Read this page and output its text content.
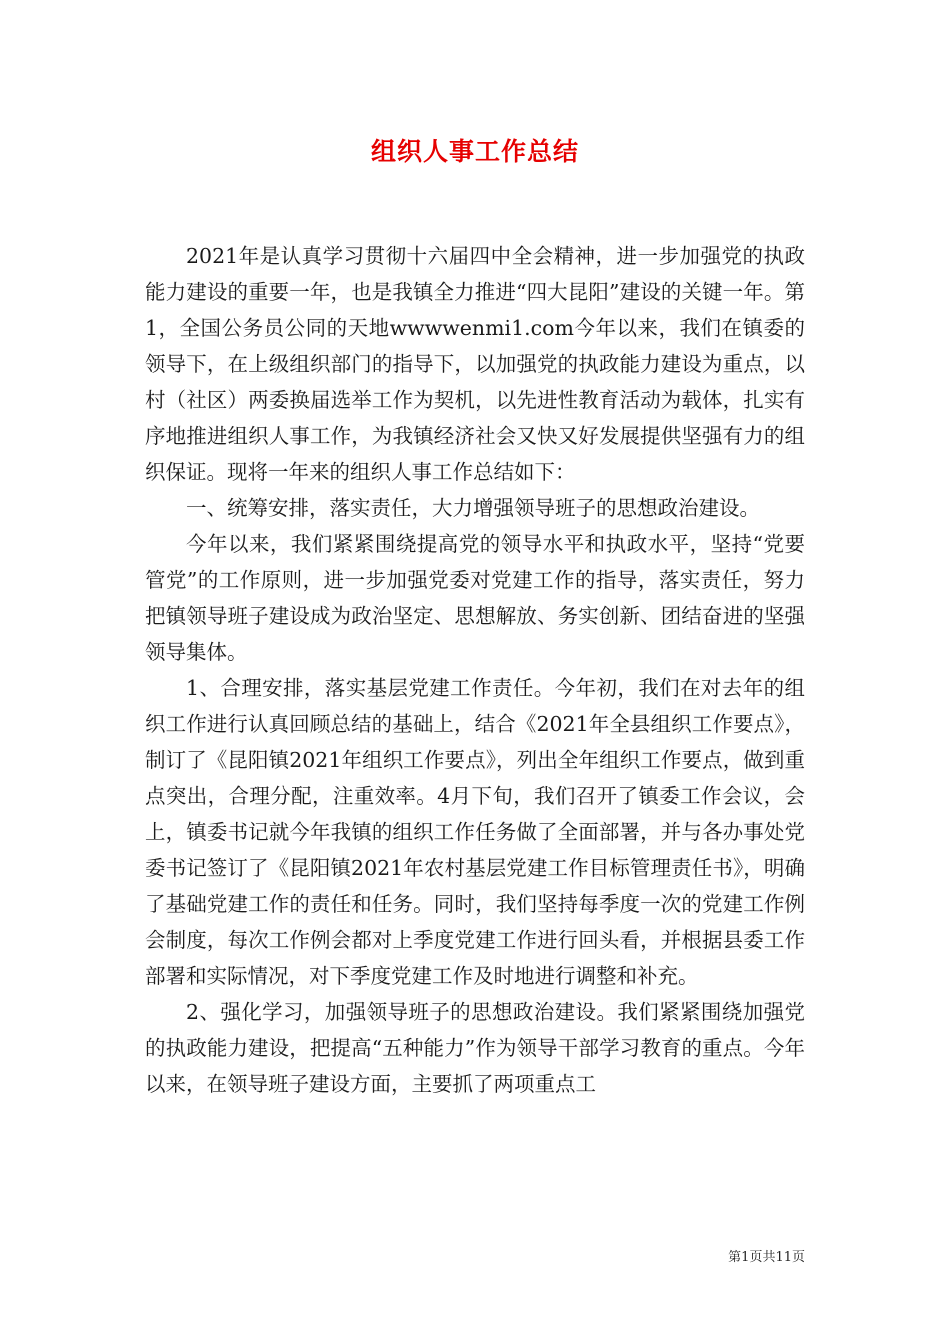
组织人事工作总结

2021年是认真学习贯彻十六届四中全会精神，进一步加强党的执政能力建设的重要一年，也是我镇全力推进“四大昆阳”建设的关键一年。第1，全国公务员公同的天地wwwwenmi1.com今年以来，我们在镇委的领导下，在上级组织部门的指导下，以加强党的执政能力建设为重点，以村（社区）两委换届选举工作为契机，以先进性教育活动为载体，扎实有序地推进组织人事工作，为我镇经济社会又快又好发展提供坚强有力的组织保证。现将一年来的组织人事工作总结如下：

一、统筹安排，落实责任，大力增强领导班子的思想政治建设。

今年以来，我们紧紧围绕提高党的领导水平和执政水平，坚持“党要管党”的工作原则，进一步加强党委对党建工作的指导，落实责任，努力把镇领导班子建设成为政治坚定、思想解放、务实创新、团结奋进的坚强领导集体。

1、合理安排，落实基层党建工作责任。今年初，我们在对去年的组织工作进行认真回顾总结的基础上，结合《2021年全县组织工作要点》，制订了《昆阳镇2021年组织工作要点》，列出全年组织工作要点，做到重点突出，合理分配，注重效率。4月下旬，我们召开了镇委工作会议，会上，镇委书记就今年我镇的组织工作任务做了全面部署，并与各办事处党委书记签订了《昆阳镇2021年农村基层党建工作目标管理责任书》，明确了基础党建工作的责任和任务。同时，我们坚持每季度一次的党建工作例会制度，每次工作例会都对上季度党建工作进行回头看，并根据县委工作部署和实际情况，对下季度党建工作及时地进行调整和补充。

2、强化学习，加强领导班子的思想政治建设。我们紧紧围绕加强党的执政能力建设，把提高“五种能力”作为领导干部学习教育的重点。今年以来，在领导班子建设方面，主要抓了两项重点工

第1页共11页
